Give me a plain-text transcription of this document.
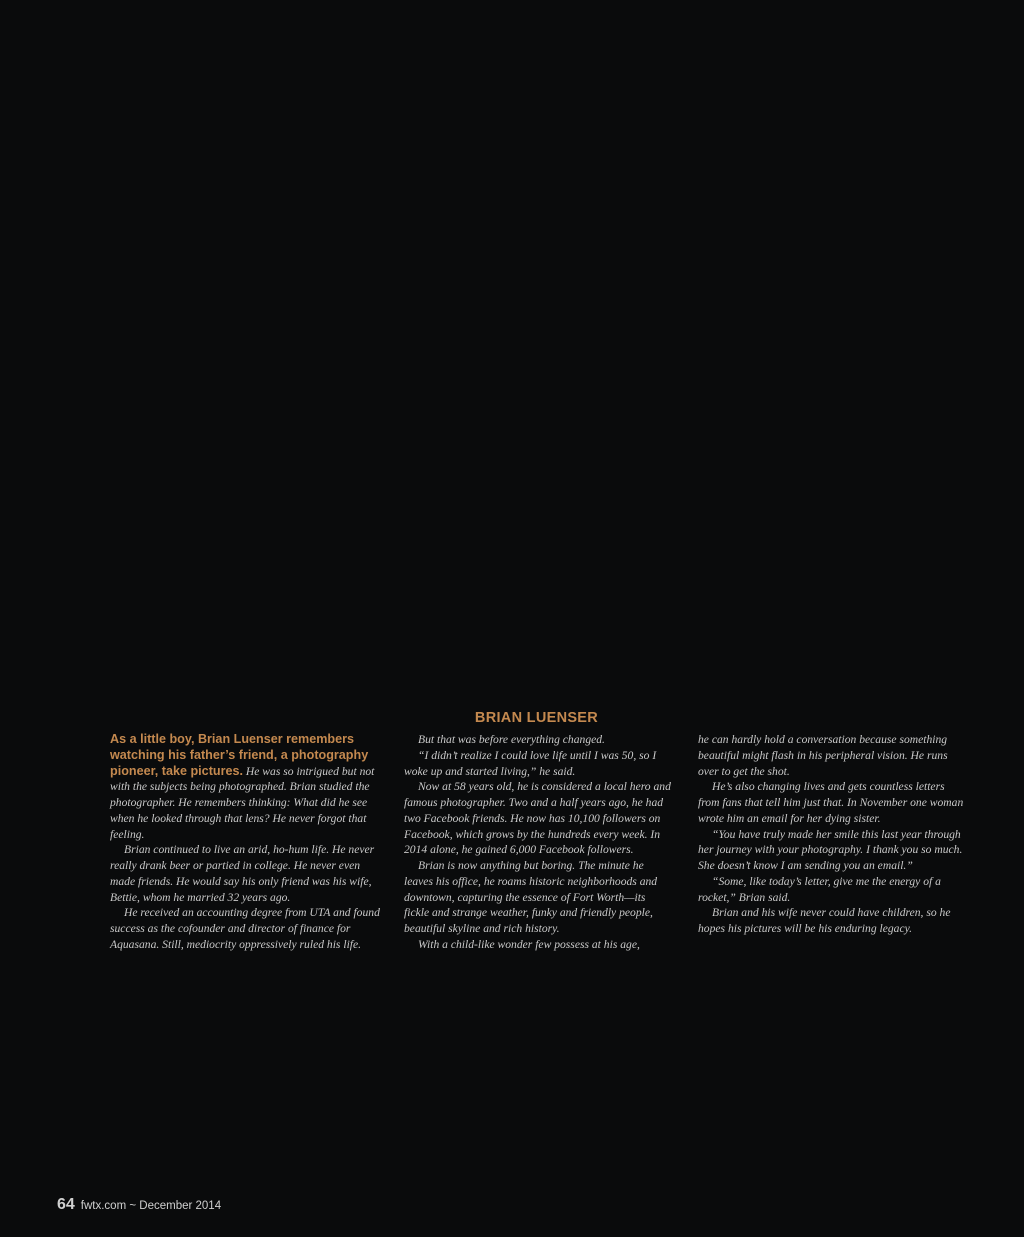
BRIAN LUENSER

As a little boy, Brian Luenser remembers watching his father’s friend, a photography pioneer, take pictures. He was so intrigued but not with the subjects being photographed. Brian studied the photographer. He remembers thinking: What did he see when he looked through that lens? He never forgot that feeling.

Brian continued to live an arid, ho-hum life. He never really drank beer or partied in college. He never even made friends. He would say his only friend was his wife, Bettie, whom he married 32 years ago.

He received an accounting degree from UTA and found success as the cofounder and director of finance for Aquasana. Still, mediocrity oppressively ruled his life.

But that was before everything changed.

“I didn’t realize I could love life until I was 50, so I woke up and started living,” he said.

Now at 58 years old, he is considered a local hero and famous photographer. Two and a half years ago, he had two Facebook friends. He now has 10,100 followers on Facebook, which grows by the hundreds every week. In 2014 alone, he gained 6,000 Facebook followers.

Brian is now anything but boring. The minute he leaves his office, he roams historic neighborhoods and downtown, capturing the essence of Fort Worth—its fickle and strange weather, funky and friendly people, beautiful skyline and rich history.

With a child-like wonder few possess at his age,

he can hardly hold a conversation because something beautiful might flash in his peripheral vision. He runs over to get the shot.

He’s also changing lives and gets countless letters from fans that tell him just that. In November one woman wrote him an email for her dying sister.

“You have truly made her smile this last year through her journey with your photography. I thank you so much. She doesn’t know I am sending you an email.”

“Some, like today’s letter, give me the energy of a rocket,” Brian said.

Brian and his wife never could have children, so he hopes his pictures will be his enduring legacy.

64 fwtx.com ~ December 2014
